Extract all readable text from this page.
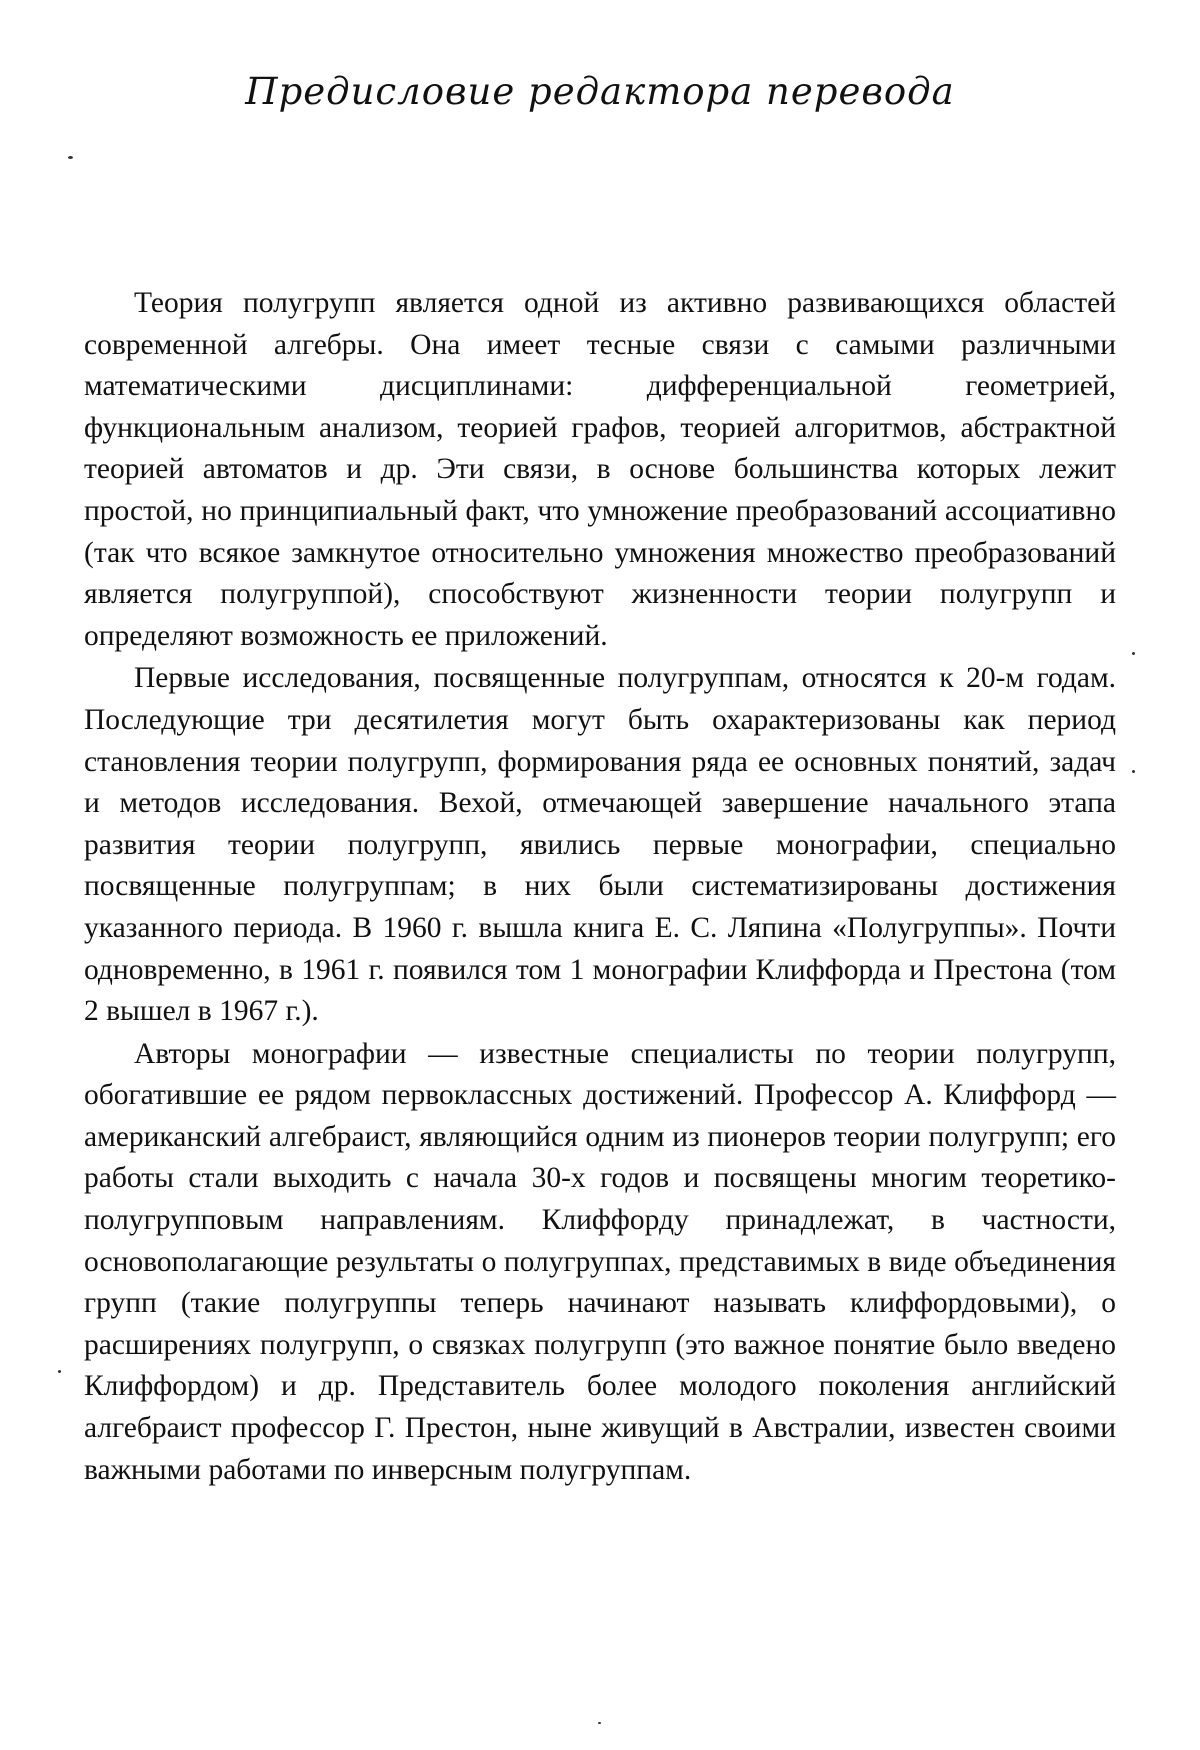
Предисловие редактора перевода

Теория полугрупп является одной из активно развивающихся областей современной алгебры. Она имеет тесные связи с самыми различными математическими дисциплинами: дифференциальной геометрией, функциональным анализом, теорией графов, теорией алгоритмов, абстрактной теорией автоматов и др. Эти связи, в основе большинства которых лежит простой, но принципиальный факт, что умножение преобразований ассоциативно (так что всякое замкнутое относительно умножения множество преобразований является полугруппой), способствуют жизненности теории полугрупп и определяют возможность ее приложений.

Первые исследования, посвященные полугруппам, относятся к 20-м годам. Последующие три десятилетия могут быть охарактеризованы как период становления теории полугрупп, формирования ряда ее основных понятий, задач и методов исследования. Вехой, отмечающей завершение начального этапа развития теории полугрупп, явились первые монографии, специально посвященные полугруппам; в них были систематизированы достижения указанного периода. В 1960 г. вышла книга Е. С. Ляпина «Полугруппы». Почти одновременно, в 1961 г. появился том 1 монографии Клиффорда и Престона (том 2 вышел в 1967 г.).

Авторы монографии — известные специалисты по теории полугрупп, обогатившие ее рядом первоклассных достижений. Профессор А. Клиффорд — американский алгебраист, являющийся одним из пионеров теории полугрупп; его работы стали выходить с начала 30-х годов и посвящены многим теоретико-полугрупповым направлениям. Клиффорду принадлежат, в частности, основополагающие результаты о полугруппах, представимых в виде объединения групп (такие полугруппы теперь начинают называть клиффордовыми), о расширениях полугрупп, о связках полугрупп (это важное понятие было введено Клиффордом) и др. Представитель более молодого поколения английский алгебраист профессор Г. Престон, ныне живущий в Австралии, известен своими важными работами по инверсным полугруппам.
